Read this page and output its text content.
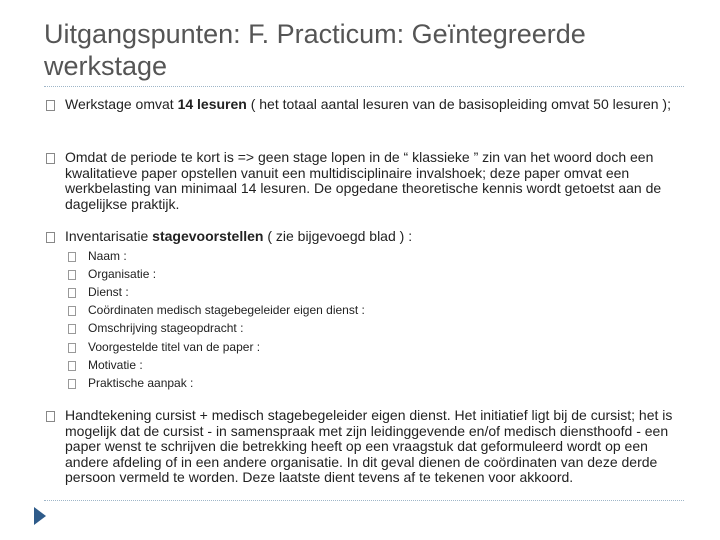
Uitgangspunten: F. Practicum: Geïntegreerde werkstage
Werkstage omvat 14 lesuren ( het totaal aantal lesuren van de basisopleiding omvat 50 lesuren );
Omdat de periode te kort is => geen stage lopen in de “ klassieke ” zin van het woord doch een kwalitatieve paper opstellen vanuit een multidisciplinaire invalshoek; deze paper omvat een werkbelasting van minimaal 14 lesuren. De opgedane theoretische kennis wordt getoetst aan de dagelijkse praktijk.
Inventarisatie stagevoorstellen ( zie bijgevoegd blad ) :
Naam :
Organisatie :
Dienst :
Coördinaten medisch stagebegeleider eigen dienst :
Omschrijving stageopdracht :
Voorgestelde titel van de paper :
Motivatie :
Praktische aanpak :
Handtekening cursist + medisch stagebegeleider eigen dienst. Het initiatief ligt bij de cursist; het is mogelijk dat de cursist - in samenspraak met zijn leidinggevende en/of medisch diensthoofd - een paper wenst te schrijven die betrekking heeft op een vraagstuk dat geformuleerd wordt op een andere afdeling of in een andere organisatie. In dit geval dienen de coördinaten van deze derde persoon vermeld te worden. Deze laatste dient tevens af te tekenen voor akkoord.
